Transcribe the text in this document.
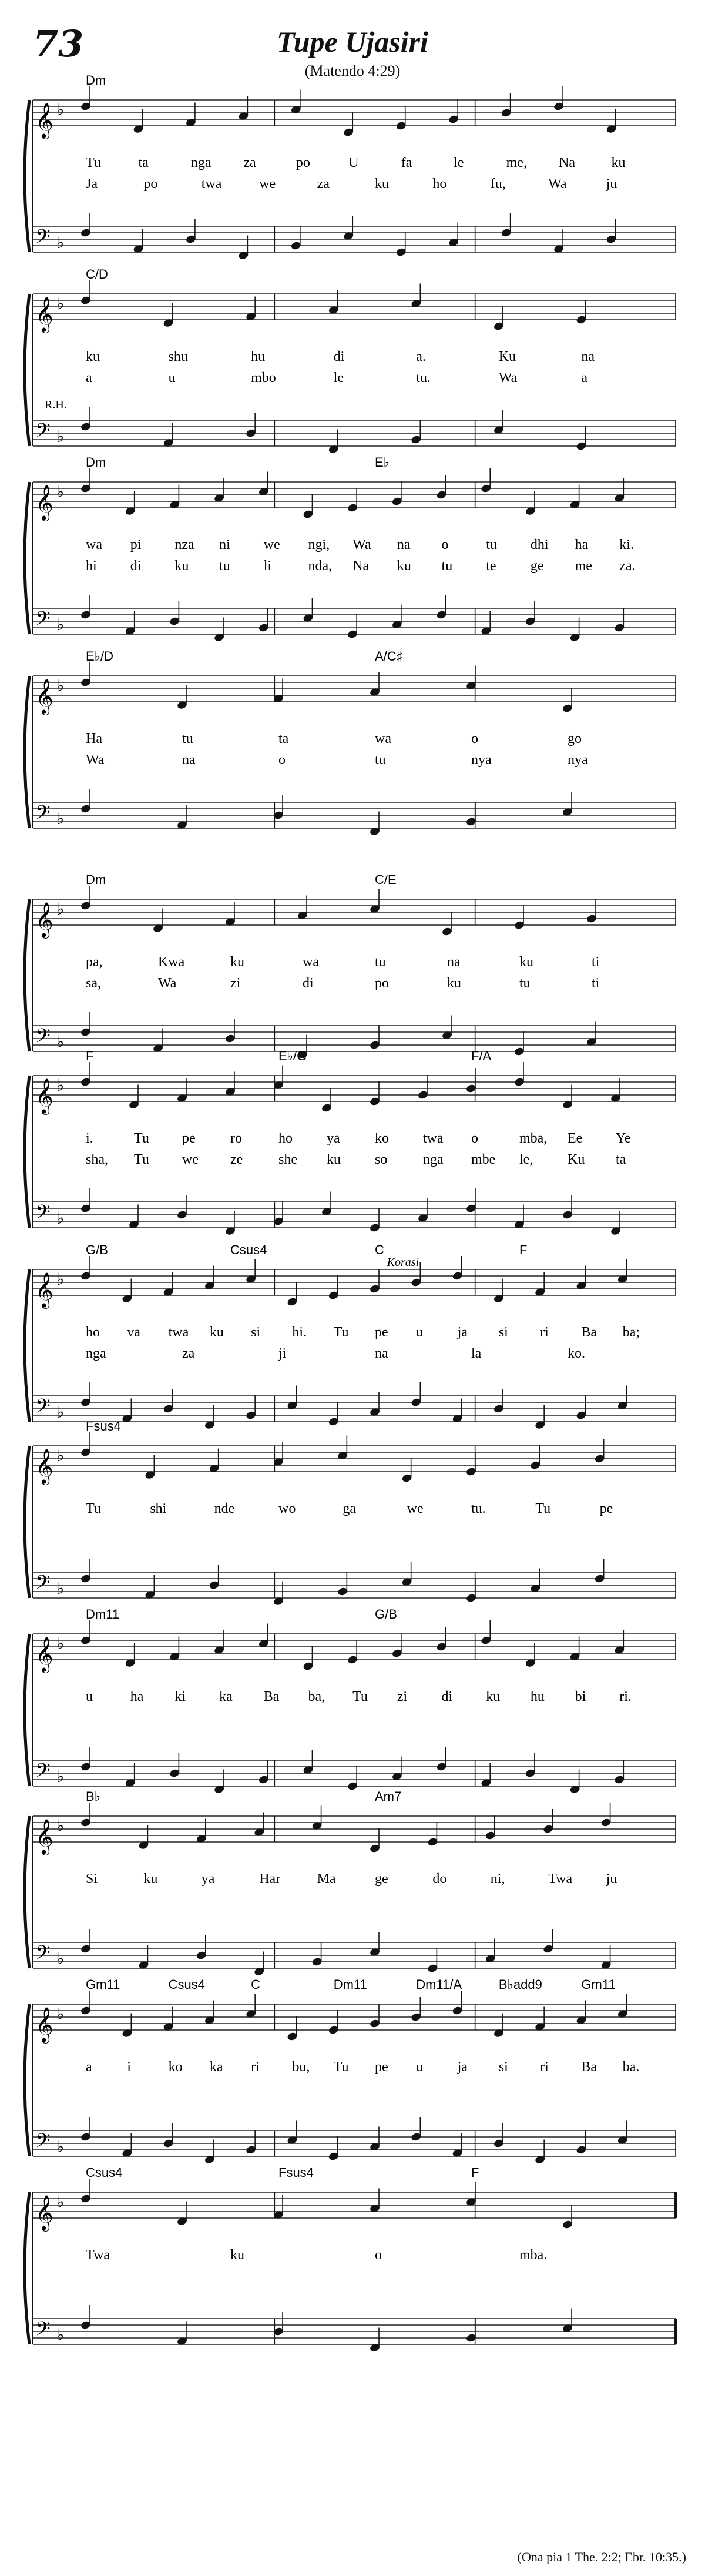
73	Tupe Ujasiri
(Matendo 4:29)
𝄞
𝄢
♭
♭
Dm
Tu	ta	nga za	po	U	fa	le	me, Na	ku
Ja	po	twa	we	za	ku	ho	fu,	Wa	ju
𝄞
𝄢
♭
♭
C/D
R.H.
ku	shu	hu	di	a.	Ku	na
a	u	mbo	le	tu.	Wa	a
𝄞
𝄢
♭
♭
Dm	E♭
wa pi nza ni we ngi, Wa na o	tu dhi ha ki.
hi di ku tu li	nda, Na ku tu te ge me za.
𝄞
𝄢
♭
♭
E♭/D	A/C♯
Ha	tu	ta	wa	o	go
Wa	na	o	tu	nya	nya
𝄞
𝄢
♭
♭
Dm	C/E
pa,	Kwa	ku	wa	tu	na	ku	ti
sa,	Wa	zi	di	po	ku	tu	ti
𝄞
𝄢
♭
♭
F	E♭/G	F/A
i.	Tu pe ro	ho ya ko twa o	mba, Ee Ye
sha, Tu we ze	she ku so	nga mbe le, Ku ta
𝄞
𝄢
♭
♭
G/B	Csus4	C	F
Korasi
ho va twa ku si hi. Tu pe u ja si ri Ba ba;
nga	za	ji	na	la	ko.
𝄞
𝄢
♭
♭
Fsus4
Tu	shi	nde	wo	ga	we	tu.	Tu	pe
𝄞
𝄢
♭
♭
Dm11	G/B
u	ha ki ka Ba ba, Tu zi di ku hu bi ri.
𝄞
𝄢
♭
♭
B♭	Am7
Si	ku	ya	Har	Ma	ge	do	ni,	Twa ju
𝄞
𝄢
♭
♭
Gm11	Csus4	C	Dm11	Dm11/A	B♭add9	Gm11
a i	ko ka ri bu, Tu pe u ja si ri Ba ba.
𝄞
𝄢
♭
♭
Csus4	Fsus4	F
Twa	ku	o	mba.
(Ona pia 1 The. 2:2; Ebr. 10:35.)
